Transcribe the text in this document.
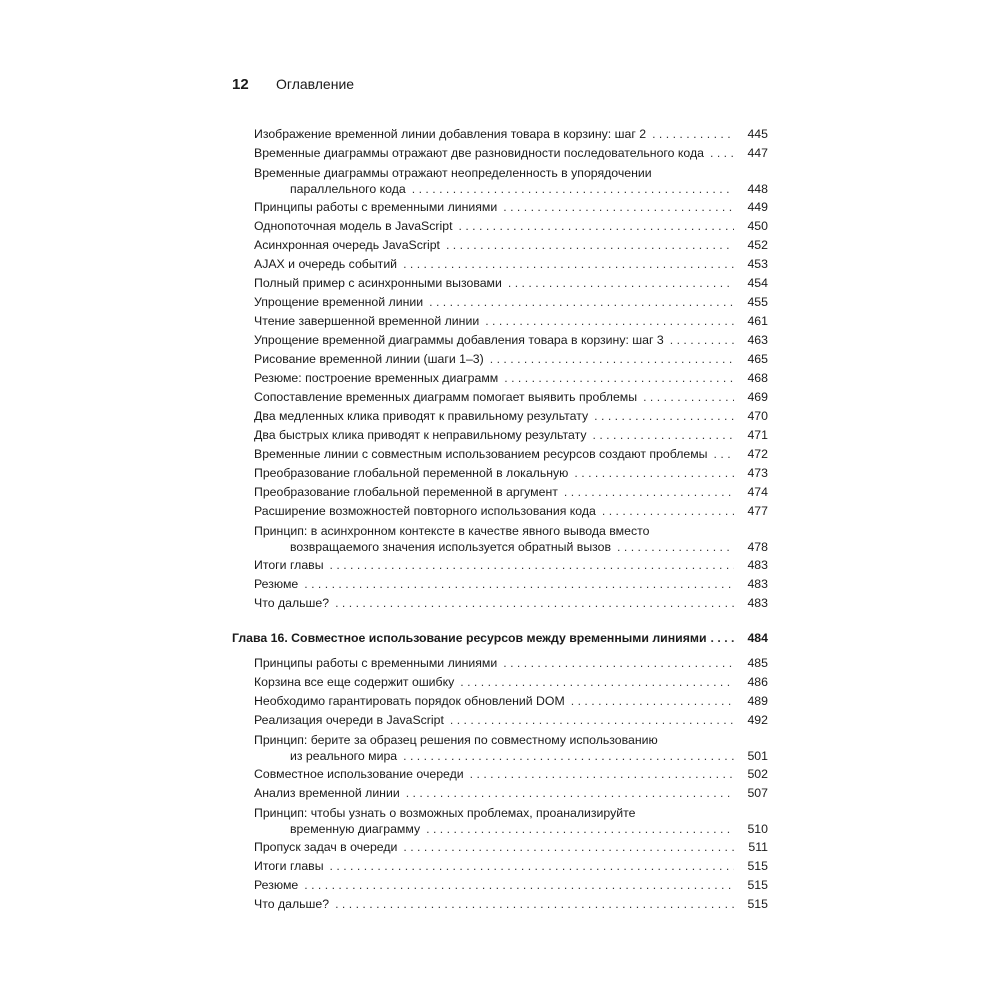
12	Оглавление
Изображение временной линии добавления товара в корзину: шаг 2 . . .	445
Временные диаграммы отражают две разновидности последовательного кода . . .	447
Временные диаграммы отражают неопределенность в упорядочении
параллельного кода . . .	448
Принципы работы с временными линиями . . .	449
Однопоточная модель в JavaScript . . .	450
Асинхронная очередь JavaScript . . .	452
AJAX и очередь событий . . .	453
Полный пример с асинхронными вызовами . . .	454
Упрощение временной линии . . .	455
Чтение завершенной временной линии . . .	461
Упрощение временной диаграммы добавления товара в корзину: шаг 3 . . .	463
Рисование временной линии (шаги 1–3) . . .	465
Резюме: построение временных диаграмм . . .	468
Сопоставление временных диаграмм помогает выявить проблемы . . .	469
Два медленных клика приводят к правильному результату . . .	470
Два быстрых клика приводят к неправильному результату . . .	471
Временные линии с совместным использованием ресурсов создают проблемы . . .	472
Преобразование глобальной переменной в локальную . . .	473
Преобразование глобальной переменной в аргумент . . .	474
Расширение возможностей повторного использования кода . . .	477
Принцип: в асинхронном контексте в качестве явного вывода вместо
возвращаемого значения используется обратный вызов . . .	478
Итоги главы . . .	483
Резюме . . .	483
Что дальше? . . .	483
Глава 16. Совместное использование ресурсов между временными линиями . . .	484
Принципы работы с временными линиями . . .	485
Корзина все еще содержит ошибку . . .	486
Необходимо гарантировать порядок обновлений DOM . . .	489
Реализация очереди в JavaScript . . .	492
Принцип: берите за образец решения по совместному использованию
из реального мира . . .	501
Совместное использование очереди . . .	502
Анализ временной линии . . .	507
Принцип: чтобы узнать о возможных проблемах, проанализируйте
временную диаграмму . . .	510
Пропуск задач в очереди . . .	511
Итоги главы . . .	515
Резюме . . .	515
Что дальше? . . .	515
